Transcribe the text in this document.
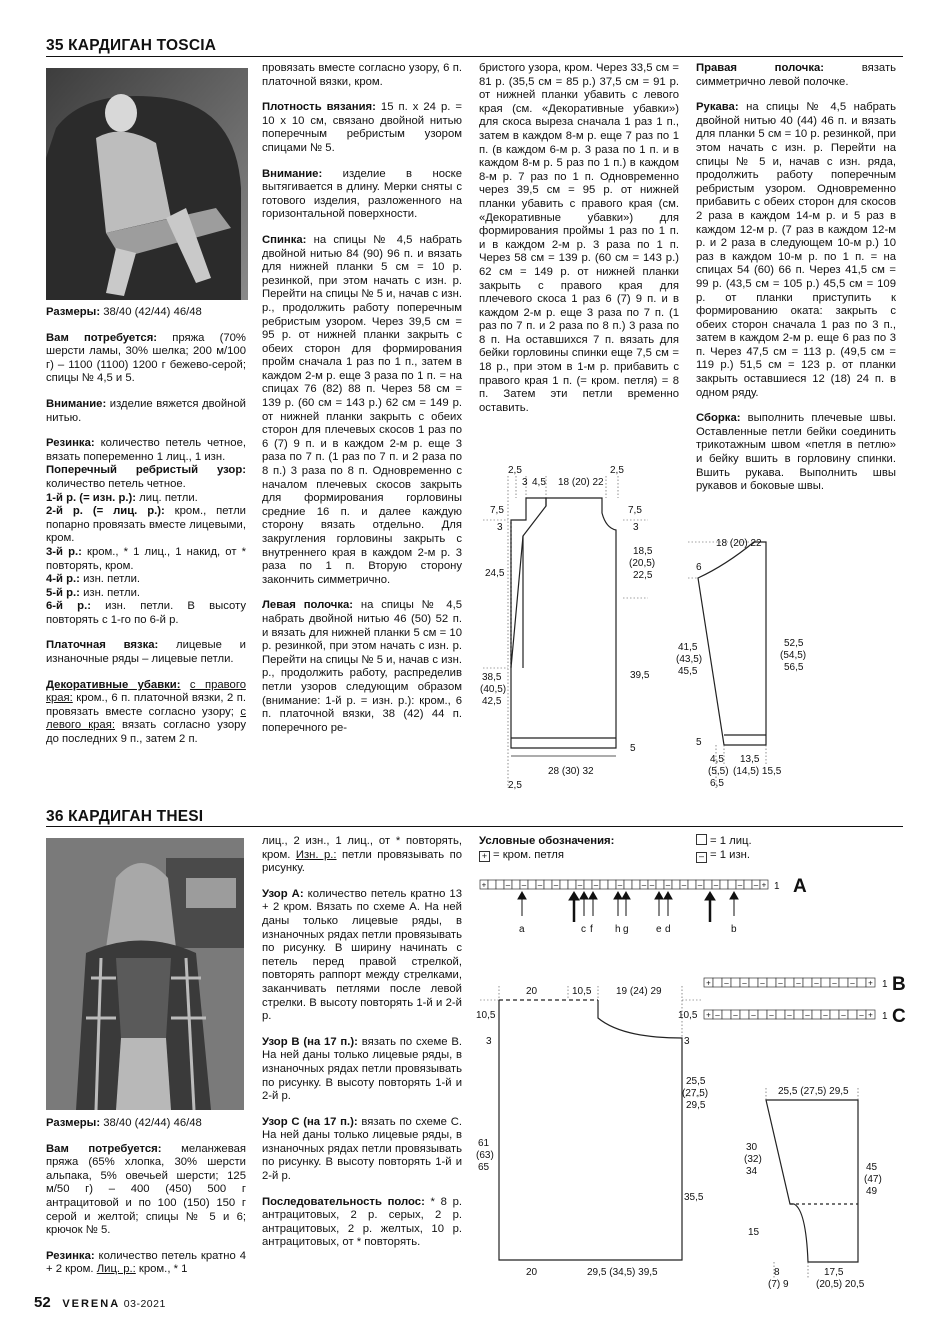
35 КАРДИГАН TOSCIA

Размеры: 38/40 (42/44) 46/48

Вам потребуется: пряжа (70% шерсти ламы, 30% шелка; 200 м/100 г) – 1100 (1100) 1200 г бежево-серой; спицы № 4,5 и 5.

Внимание: изделие вяжется двойной нитью.

Резинка: количество петель четное, вязать попеременно 1 лиц., 1 изн.

Поперечный ребристый узор: количество петель четное.

1-й р. (= изн. р.): лиц. петли.

2-й р. (= лиц. р.): кром., петли попарно провязать вместе лицевыми, кром.

3-й р.: кром., * 1 лиц., 1 накид, от * повторять, кром.

4-й р.: изн. петли.

5-й р.: изн. петли.

6-й р.: изн. петли. В высоту повторять с 1-го по 6-й р.

Платочная вязка: лицевые и изнаночные ряды – лицевые петли.

Декоративные убавки: с правого края: кром., 6 п. платочной вязки, 2 п. провязать вместе согласно узору; с левого края: вязать согласно узору до последних 9 п., затем 2 п.

провязать вместе согласно узору, 6 п. платочной вязки, кром.

Плотность вязания: 15 п. х 24 р. = 10 х 10 см, связано двойной нитью поперечным ребристым узором спицами № 5.

Внимание: изделие в носке вытягивается в длину. Мерки сняты с готового изделия, разложенного на горизонтальной поверхности.

Спинка: на спицы № 4,5 набрать двойной нитью 84 (90) 96 п. и вязать для нижней планки 5 см = 10 р. резинкой, при этом начать с изн. р. Перейти на спицы № 5 и, начав с изн. р., продолжить работу поперечным ребристым узором. Через 39,5 см = 95 р. от нижней планки закрыть с обеих сторон для формирования пройм сначала 1 раз по 1 п., затем в каждом 2-м р. еще 3 раза по 1 п. = на спицах 76 (82) 88 п. Через 58 см = 139 р. (60 см = 143 р.) 62 см = 149 р. от нижней планки закрыть с обеих сторон для плечевых скосов 1 раз по 6 (7) 9 п. и в каждом 2-м р. еще 3 раза по 7 п. (1 раз по 7 п. и 2 раза по 8 п.) 3 раза по 8 п. Одновременно с началом плечевых скосов закрыть для формирования горловины средние 16 п. и далее каждую сторону вязать отдельно. Для закругления горловины закрыть с внутреннего края в каждом 2-м р. 3 раза по 1 п. Вторую сторону закончить симметрично.

Левая полочка: на спицы № 4,5 набрать двойной нитью 46 (50) 52 п. и вязать для нижней планки 5 см = 10 р. резинкой, при этом начать с изн. р. Перейти на спицы № 5 и, начав с изн. р., продолжить работу, распределив петли узоров следующим образом (внимание: 1-й р. = изн. р.): кром., 6 п. платочной вязки, 38 (42) 44 п. поперечного ре-

бристого узора, кром. Через 33,5 см = 81 р. (35,5 см = 85 р.) 37,5 см = 91 р. от нижней планки убавить с левого края (см. «Декоративные убавки») для скоса выреза сначала 1 раз 1 п., затем в каждом 8-м р. еще 7 раз по 1 п. (в каждом 6-м р. 3 раза по 1 п. и в каждом 8-м р. 5 раз по 1 п.) в каждом 8-м р. 7 раз по 1 п. Одновременно через 39,5 см = 95 р. от нижней планки убавить с правого края (см. «Декоративные убавки») для формирования проймы 1 раз по 1 п. и в каждом 2-м р. 3 раза по 1 п. Через 58 см = 139 р. (60 см = 143 р.) 62 см = 149 р. от нижней планки закрыть с правого края для плечевого скоса 1 раз 6 (7) 9 п. и в каждом 2-м р. еще 3 раза по 7 п. (1 раз по 7 п. и 2 раза по 8 п.) 3 раза по 8 п. На оставшихся 7 п. вязать для бейки горловины спинки еще 7,5 см = 18 р., при этом в 1-м р. прибавить с правого края 1 п. (= кром. петля) = 8 п. Затем эти петли временно оставить.

Правая полочка: вязать симметрично левой полочке.

Рукава: на спицы № 4,5 набрать двойной нитью 40 (44) 46 п. и вязать для планки 5 см = 10 р. резинкой, при этом начать с изн. р. Перейти на спицы № 5 и, начав с изн. ряда, продолжить работу поперечным ребристым узором. Одновременно прибавить с обеих сторон для скосов 2 раза в каждом 14-м р. и 5 раз в каждом 12-м р. (7 раз в каждом 12-м р. и 2 раза в следующем 10-м р.) 10 раз в каждом 10-м р. по 1 п. = на спицах 54 (60) 66 п. Через 41,5 см = 99 р. (43,5 см = 105 р.) 45,5 см = 109 р. от планки приступить к формированию оката: закрыть с обеих сторон сначала 1 раз по 3 п., затем в каждом 2-м р. еще 6 раз по 3 п. Через 47,5 см = 113 р. (49,5 см = 119 р.) 51,5 см = 123 р. от планки закрыть оставшиеся 12 (18) 24 п. в одном ряду.

Сборка: выполнить плечевые швы. Оставленные петли бейки соединить трикотажным швом «петля в петлю» и бейку вшить в горловину спинки. Вшить рукава. Выполнить швы рукавов и боковые швы.

2,5
3 4,5 18 (20) 22
2,5
7,5
3
24,5
38,5
(40,5)
42,5
7,5
3
18,5
(20,5)
22,5
39,5
5
28 (30) 32
2,5
18 (20) 22
6
41,5
(43,5)
45,5
5
52,5
(54,5)
56,5
4,5
(5,5)
6,5
13,5
(14,5) 15,5
36 КАРДИГАН THESI

Размеры: 38/40 (42/44) 46/48

Вам потребуется: меланжевая пряжа (65% хлопка, 30% шерсти альпака, 5% овечьей шерсти; 125 м/50 г) – 400 (450) 500 г антрацитовой и по 100 (150) 150 г серой и желтой; спицы № 5 и 6; крючок № 5.

Резинка: количество петель кратно 4 + 2 кром. Лиц. р.: кром., * 1

лиц., 2 изн., 1 лиц., от * повторять, кром. Изн. р.: петли провязывать по рисунку.

Узор А: количество петель кратно 13 + 2 кром. Вязать по схеме А. На ней даны только лицевые ряды, в изнаночных рядах петли провязывать по рисунку. В ширину начинать с петель перед правой стрелкой, повторять раппорт между стрелками, заканчивать петлями после левой стрелки. В высоту повторять 1-й и 2-й р.

Узор В (на 17 п.): вязать по схеме В. На ней даны только лицевые ряды, в изнаночных рядах петли провязывать по рисунку. В высоту повторять 1-й и 2-й р.

Узор С (на 17 п.): вязать по схеме С. На ней даны только лицевые ряды, в изнаночных рядах петли провязывать по рисунку. В высоту повторять 1-й и 2-й р.

Последовательность полос: * 8 р. антрацитовых, 2 р. серых, 2 р. антрацитовых, 2 р. желтых, 10 р. антрацитовых, от * повторять.

Условные обозначения:
+ = кром. петля
= 1 лиц.
– = 1 изн.
+ – – – – – – – – – – – – – – – + 1 A
a	c f h g	e d	b
+ – – – – – – – – + 1 B
+ – – – – – – – – – + 1 C
20	10,5 19 (24) 29
10,5
3
61
(63)
65
10,5
3
25,5
(27,5)
29,5
35,5
20	29,5 (34,5) 39,5
25,5 (27,5) 29,5
30
(32)
34
15
45
(47)
49
8
(7) 9
17,5
(20,5) 20,5
52 VERENA 03-2021
